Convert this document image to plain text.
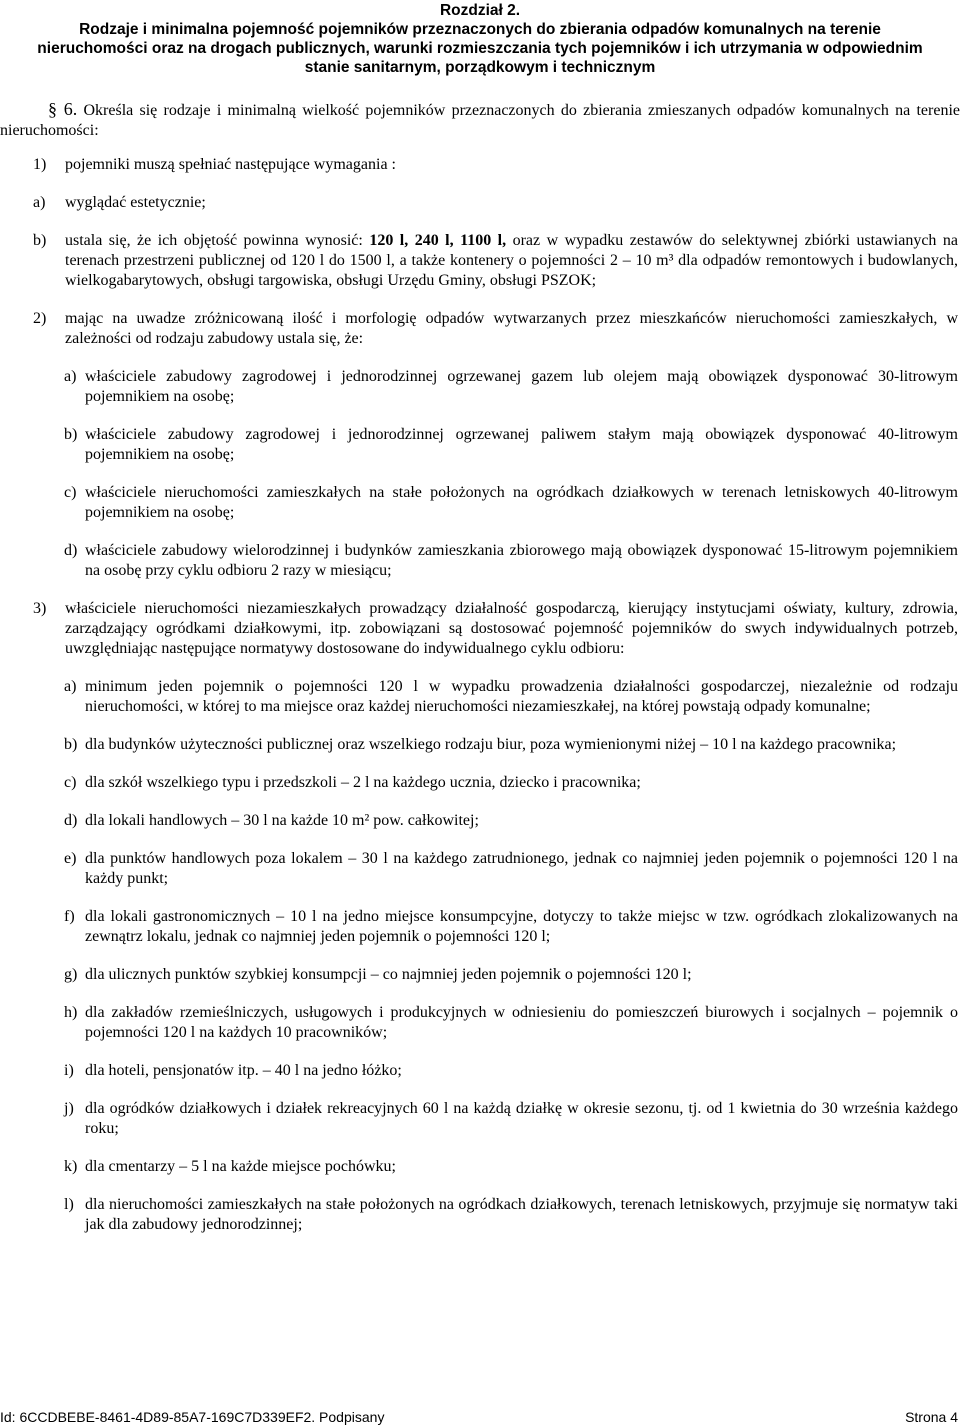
Rozdział 2.
Rodzaje i minimalna pojemność pojemników przeznaczonych do zbierania odpadów komunalnych na terenie nieruchomości oraz na drogach publicznych, warunki rozmieszczania tych pojemników i ich utrzymania w odpowiednim stanie sanitarnym, porządkowym i technicznym

§ 6. Określa się rodzaje i minimalną wielkość pojemników przeznaczonych do zbierania zmieszanych odpadów komunalnych na terenie nieruchomości:

1)	pojemniki muszą spełniać następujące wymagania :
a)	wyglądać estetycznie;
b)	ustala się, że ich objętość powinna wynosić: 120 l, 240 l, 1100 l, oraz w wypadku zestawów do selektywnej zbiórki ustawianych na terenach przestrzeni publicznej od 120 l do 1500 l, a także kontenery o pojemności 2 – 10 m³ dla odpadów remontowych i budowlanych, wielkogabarytowych, obsługi targowiska, obsługi Urzędu Gminy, obsługi PSZOK;
2)	mając na uwadze zróżnicowaną ilość i morfologię odpadów wytwarzanych przez mieszkańców nieruchomości zamieszkałych, w zależności od rodzaju zabudowy ustala się, że:
a) właściciele zabudowy zagrodowej i jednorodzinnej ogrzewanej gazem lub olejem mają obowiązek dysponować 30-litrowym pojemnikiem na osobę;
b) właściciele zabudowy zagrodowej i jednorodzinnej ogrzewanej paliwem stałym mają obowiązek dysponować 40-litrowym pojemnikiem na osobę;
c) właściciele nieruchomości zamieszkałych na stałe położonych na ogródkach działkowych w terenach letniskowych 40-litrowym pojemnikiem na osobę;
d) właściciele zabudowy wielorodzinnej i budynków zamieszkania zbiorowego mają obowiązek dysponować 15-litrowym pojemnikiem na osobę przy cyklu odbioru 2 razy w miesiącu;
3)	właściciele nieruchomości niezamieszkałych prowadzący działalność gospodarczą, kierujący instytucjami oświaty, kultury, zdrowia, zarządzający ogródkami działkowymi, itp. zobowiązani są dostosować pojemność pojemników do swych indywidualnych potrzeb, uwzględniając następujące normatywy dostosowane do indywidualnego cyklu odbioru:
a) minimum jeden pojemnik o pojemności 120 l w wypadku prowadzenia działalności gospodarczej, niezależnie od rodzaju nieruchomości, w której to ma miejsce oraz każdej nieruchomości niezamieszkałej, na której powstają odpady komunalne;
b) dla budynków użyteczności publicznej oraz wszelkiego rodzaju biur, poza wymienionymi niżej – 10 l na każdego pracownika;
c) dla szkół wszelkiego typu i przedszkoli – 2 l na każdego ucznia, dziecko i pracownika;
d) dla lokali handlowych – 30 l na każde 10 m² pow. całkowitej;
e) dla punktów handlowych poza lokalem – 30 l na każdego zatrudnionego, jednak co najmniej jeden pojemnik o pojemności 120 l na każdy punkt;
f) dla lokali gastronomicznych – 10 l na jedno miejsce konsumpcyjne, dotyczy to także miejsc w tzw. ogródkach zlokalizowanych na zewnątrz lokalu, jednak co najmniej jeden pojemnik o pojemności 120 l;
g) dla ulicznych punktów szybkiej konsumpcji – co najmniej jeden pojemnik o pojemności 120 l;
h) dla zakładów rzemieślniczych, usługowych i produkcyjnych w odniesieniu do pomieszczeń biurowych i socjalnych – pojemnik o pojemności 120 l na każdych 10 pracowników;
i) dla hoteli, pensjonatów itp. – 40 l na jedno łóżko;
j) dla ogródków działkowych i działek rekreacyjnych 60 l na każdą działkę w okresie sezonu, tj. od 1 kwietnia do 30 września każdego roku;
k) dla cmentarzy – 5 l na każde miejsce pochówku;
l) dla nieruchomości zamieszkałych na stałe położonych na ogródkach działkowych, terenach letniskowych, przyjmuje się normatyw taki jak dla zabudowy jednorodzinnej;
Id: 6CCDBEBE-8461-4D89-85A7-169C7D339EF2. Podpisany	Strona 4
